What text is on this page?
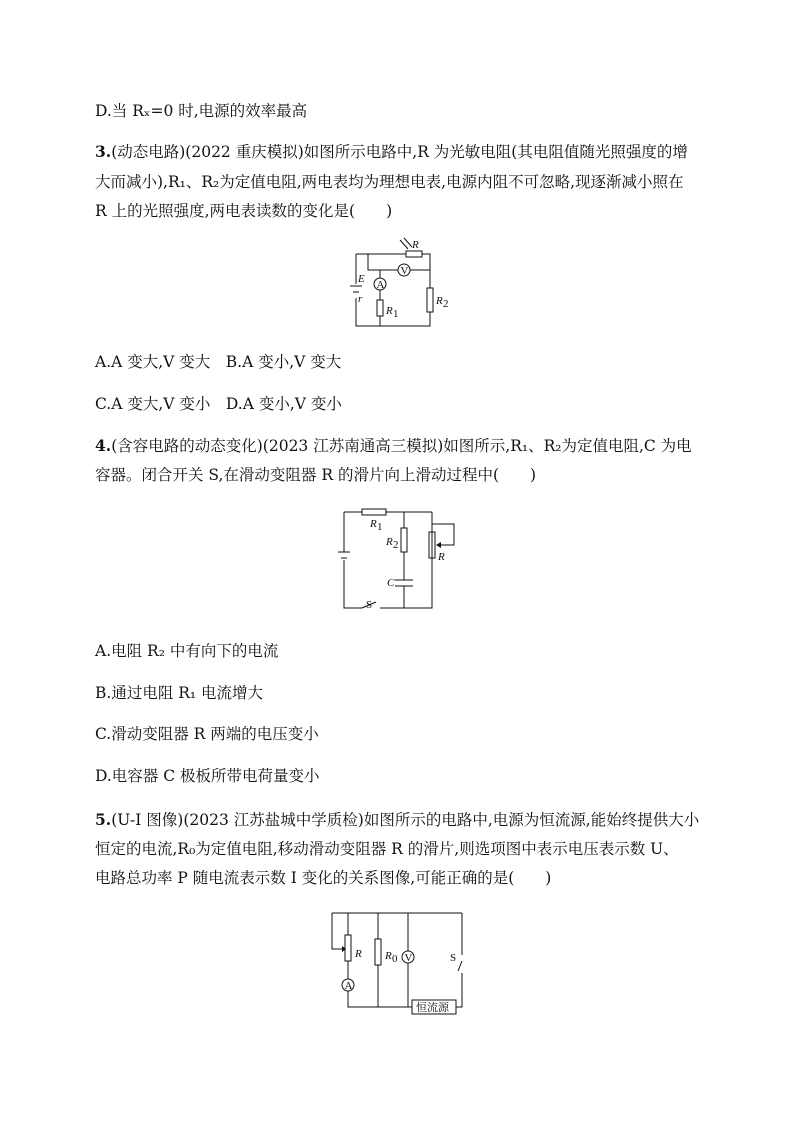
D.当 Rₓ=0 时,电源的效率最高
3.(动态电路)(2022 重庆模拟)如图所示电路中,R 为光敏电阻(其电阻值随光照强度的增
大而减小),R₁、R₂为定值电阻,两电表均为理想电表,电源内阻不可忽略,现逐渐减小照在
R 上的光照强度,两电表读数的变化是(　　)
R
E
r
A
V
R 1
R 2
A.A 变大,V 变大　B.A 变小,V 变大
C.A 变大,V 变小　D.A 变小,V 变小
4.(含容电路的动态变化)(2023 江苏南通高三模拟)如图所示,R₁、R₂为定值电阻,C 为电
容器。闭合开关 S,在滑动变阻器 R 的滑片向上滑动过程中(　　)
R 1
R 2
R
C
S
A.电阻 R₂ 中有向下的电流
B.通过电阻 R₁ 电流增大
C.滑动变阻器 R 两端的电压变小
D.电容器 C 极板所带电荷量变小
5.(U-I 图像)(2023 江苏盐城中学质检)如图所示的电路中,电源为恒流源,能始终提供大小
恒定的电流,R₀为定值电阻,移动滑动变阻器 R 的滑片,则选项图中表示电压表示数 U、
电路总功率 P 随电流表示数 I 变化的关系图像,可能正确的是(　　)
R R 0 V
A
S
恒流源
